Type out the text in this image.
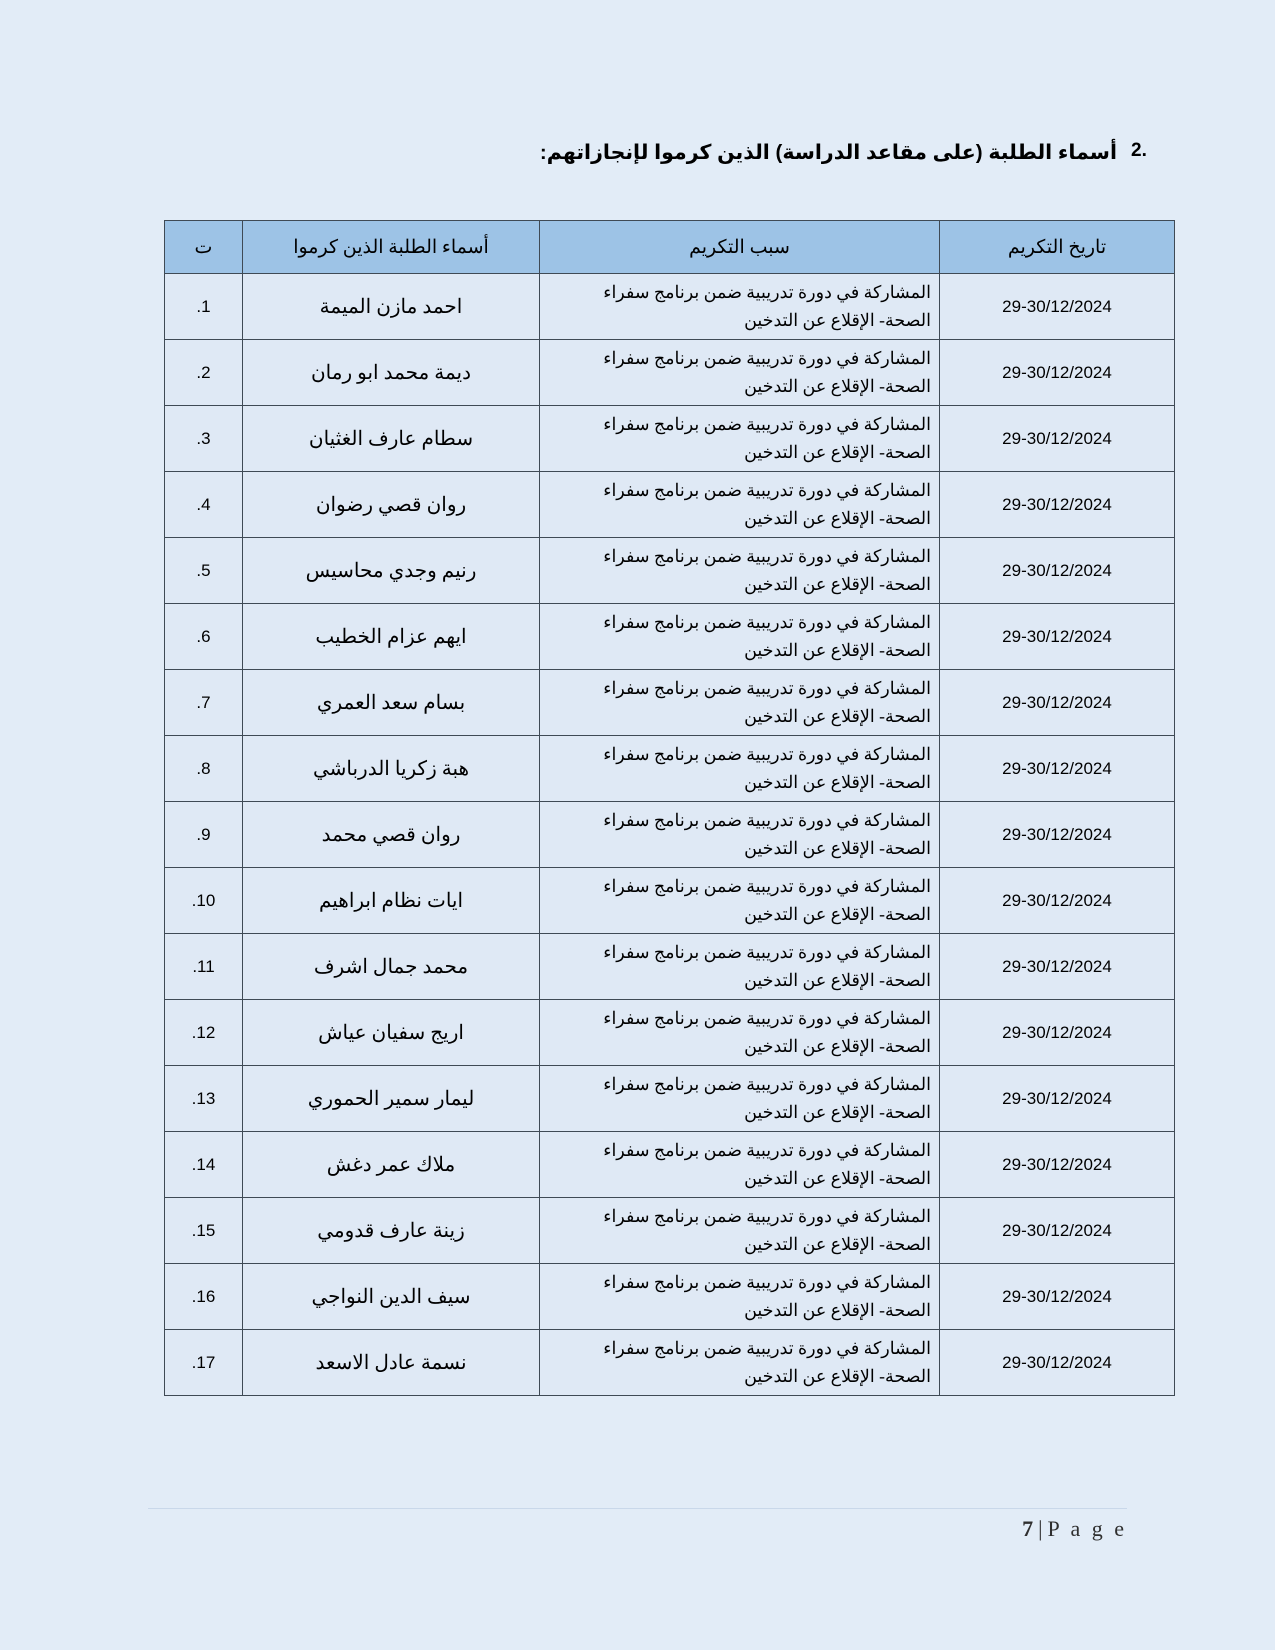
.2
أسماء الطلبة (على مقاعد الدراسة) الذين كرموا لإنجازاتهم:
تاريخ التكريم	سبب التكريم	أسماء الطلبة الذين كرموا	ت
29-30/12/2024	المشاركة في دورة تدريبية ضمن برنامج سفراء الصحة- الإقلاع عن التدخين	احمد مازن الميمة	.1
29-30/12/2024	المشاركة في دورة تدريبية ضمن برنامج سفراء الصحة- الإقلاع عن التدخين	ديمة محمد ابو رمان	.2
29-30/12/2024	المشاركة في دورة تدريبية ضمن برنامج سفراء الصحة- الإقلاع عن التدخين	سطام عارف الغثيان	.3
29-30/12/2024	المشاركة في دورة تدريبية ضمن برنامج سفراء الصحة- الإقلاع عن التدخين	روان قصي رضوان	.4
29-30/12/2024	المشاركة في دورة تدريبية ضمن برنامج سفراء الصحة- الإقلاع عن التدخين	رنيم وجدي محاسيس	.5
29-30/12/2024	المشاركة في دورة تدريبية ضمن برنامج سفراء الصحة- الإقلاع عن التدخين	ايهم عزام الخطيب	.6
29-30/12/2024	المشاركة في دورة تدريبية ضمن برنامج سفراء الصحة- الإقلاع عن التدخين	بسام سعد العمري	.7
29-30/12/2024	المشاركة في دورة تدريبية ضمن برنامج سفراء الصحة- الإقلاع عن التدخين	هبة زكريا الدرباشي	.8
29-30/12/2024	المشاركة في دورة تدريبية ضمن برنامج سفراء الصحة- الإقلاع عن التدخين	روان قصي محمد	.9
29-30/12/2024	المشاركة في دورة تدريبية ضمن برنامج سفراء الصحة- الإقلاع عن التدخين	ايات نظام ابراهيم	.10
29-30/12/2024	المشاركة في دورة تدريبية ضمن برنامج سفراء الصحة- الإقلاع عن التدخين	محمد جمال اشرف	.11
29-30/12/2024	المشاركة في دورة تدريبية ضمن برنامج سفراء الصحة- الإقلاع عن التدخين	اريج سفيان عياش	.12
29-30/12/2024	المشاركة في دورة تدريبية ضمن برنامج سفراء الصحة- الإقلاع عن التدخين	ليمار سمير الحموري	.13
29-30/12/2024	المشاركة في دورة تدريبية ضمن برنامج سفراء الصحة- الإقلاع عن التدخين	ملاك عمر دغش	.14
29-30/12/2024	المشاركة في دورة تدريبية ضمن برنامج سفراء الصحة- الإقلاع عن التدخين	زينة عارف قدومي	.15
29-30/12/2024	المشاركة في دورة تدريبية ضمن برنامج سفراء الصحة- الإقلاع عن التدخين	سيف الدين النواجي	.16
29-30/12/2024	المشاركة في دورة تدريبية ضمن برنامج سفراء الصحة- الإقلاع عن التدخين	نسمة عادل الاسعد	.17
7 | P a g e
